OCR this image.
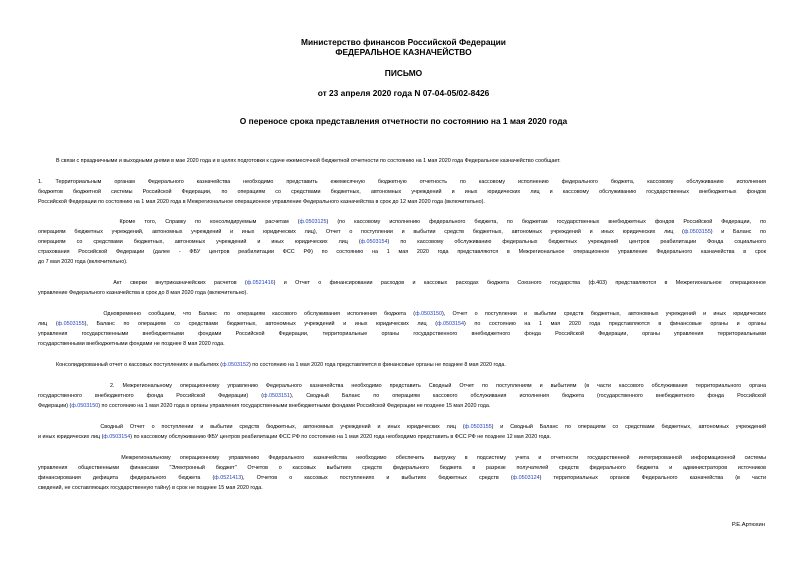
Министерство финансов Российской Федерации
ФЕДЕРАЛЬНОЕ КАЗНАЧЕЙСТВО
ПИСЬМО
от 23 апреля 2020 года N 07-04-05/02-8426
О переносе срока представления отчетности по состоянию на 1 мая 2020 года
В связи с праздничными и выходными днями в мае 2020 года и в целях подготовки к сдаче ежемесячной бюджетной отчетности по состоянию на 1 мая 2020 года Федеральное казначейство сообщает.
1. Территориальным органам Федерального казначейства необходимо представить ежемесячную бюджетную отчетность по кассовому исполнению федерального бюджета, кассовому обслуживанию исполнения
бюджетов бюджетной системы Российской Федерации, по операциям со средствами бюджетных, автономных учреждений и иных юридических лиц и кассовому обслуживанию государственных внебюджетных фондов
Российской Федерации по состоянию на 1 мая 2020 года в Межрегиональное операционное управление Федерального казначейства в срок до 12 мая 2020 года (включительно).
Кроме того, Справку по консолидируемым расчетам (ф.0503125) (по кассовому исполнению федерального бюджета, по бюджетам государственных внебюджетных фондов Российской Федерации, по
операциям бюджетных учреждений, автономных учреждений и иных юридических лиц), Отчет о поступлении и выбытии средств бюджетных, автономных учреждений и иных юридических лиц (ф.0503155) и Баланс по
операциям со средствами бюджетных, автономных учреждений и иных юридических лиц (ф.0503154) по кассовому обслуживанию федеральных бюджетных учреждений центров реабилитации Фонда социального
страхования Российской Федерации (далее - ФБУ центров реабилитации ФСС РФ) по состоянию на 1 мая 2020 года представляются в Межрегиональное операционное управление Федерального казначейства в срок
до 7 мая 2020 года (включительно).
Акт сверки внутриказначейских расчетов (ф.0521416) и Отчет о финансировании расходов и кассовых расходах бюджета Союзного государства (ф.403) представляются в Межрегиональное операционное
управление Федерального казначейства в срок до 8 мая 2020 года (включительно).
Одновременно сообщаем, что Баланс по операциям кассового обслуживания исполнения бюджета (ф.0503150), Отчет о поступлении и выбытии средств бюджетных, автономных учреждений и иных юридических
лиц (ф.0503155), Баланс по операциям со средствами бюджетных, автономных учреждений и иных юридических лиц (ф.0503154) по состоянию на 1 мая 2020 года представляются в финансовые органы и органы
управления государственными внебюджетными фондами Российской Федерации, территориальные органы государственного внебюджетного фонда Российской Федерации, органы управления территориальными
государственными внебюджетными фондами не позднее 8 мая 2020 года.
Консолидированный отчет о кассовых поступлениях и выбытиях (ф.0503152) по состоянию на 1 мая 2020 года представляется в финансовые органы не позднее 8 мая 2020 года.
2. Межрегиональному операционному управлению Федерального казначейства необходимо представить Сводный Отчет по поступлениям и выбытиям (в части кассового обслуживания территориального органа
государственного внебюджетного фонда Российской Федерации) (ф.0503151), Сводный Баланс по операциям кассового обслуживания исполнения бюджета (государственного внебюджетного фонда Российской
Федерации) (ф.0503150) по состоянию на 1 мая 2020 года в органы управления государственными внебюджетными фондами Российской Федерации не позднее 15 мая 2020 года.
Сводный Отчет о поступлении и выбытии средств бюджетных, автономных учреждений и иных юридических лиц (ф.0503155) и Сводный Баланс по операциям со средствами бюджетных, автономных учреждений
и иных юридических лиц (ф.0503154) по кассовому обслуживанию ФБУ центров реабилитации ФСС РФ по состоянию на 1 мая 2020 года необходимо представить в ФСС РФ не позднее 12 мая 2020 года.
Межрегиональному операционному управлению Федерального казначейства необходимо обеспечить выгрузку в подсистему учета и отчетности государственной интегрированной информационной системы
управления общественными финансами "Электронный бюджет" Отчетов о кассовых выбытиях средств федерального бюджета в разрезе получателей средств федерального бюджета и администраторов источников
финансирования дефицита федерального бюджета (ф.0521413), Отчетов о кассовых поступлениях и выбытиях бюджетных средств (ф.0503124) территориальных органов Федерального казначейства (в части
сведений, не составляющих государственную тайну) в срок не позднее 15 мая 2020 года.
Р.Е.Артюхин
